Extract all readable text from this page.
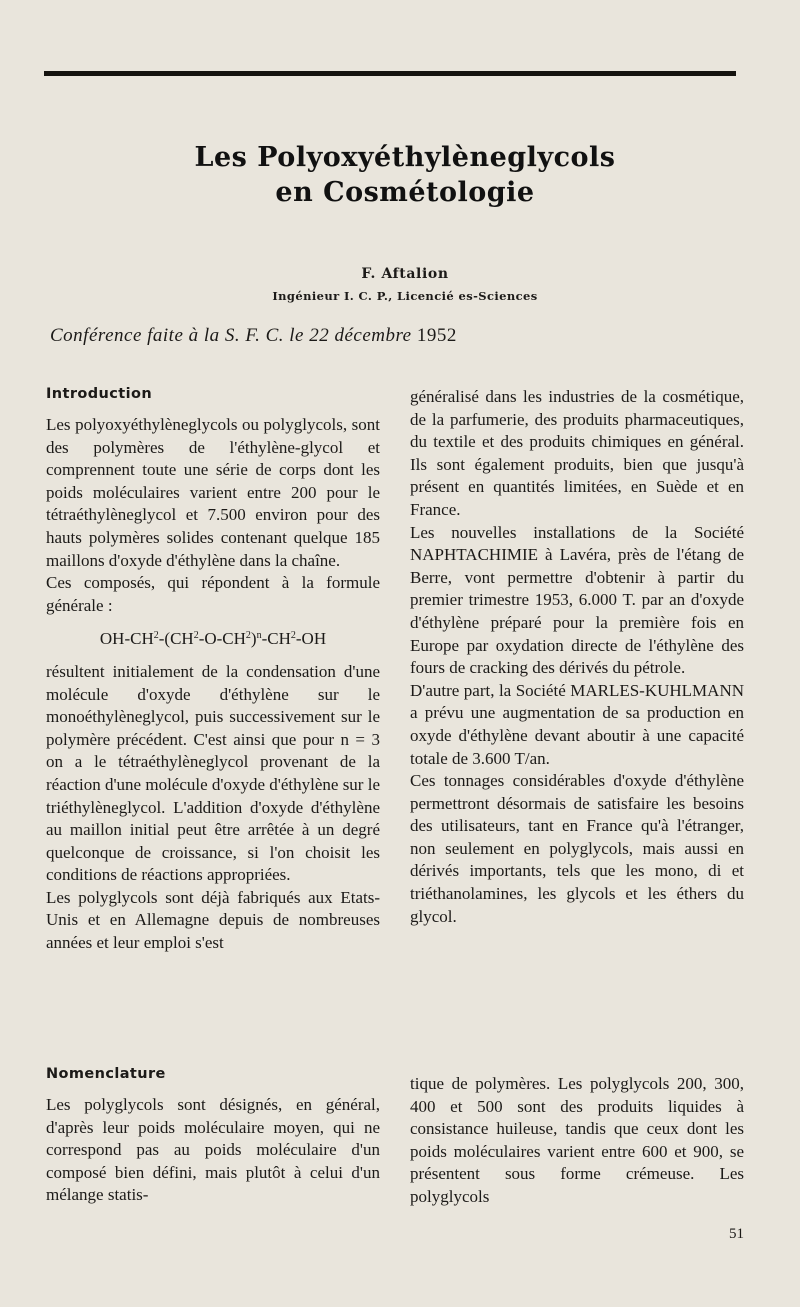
Les Polyoxyéthylèneglycols
en Cosmétologie
F. Aftalion
Ingénieur I. C. P., Licencié es-Sciences
Conférence faite à la S. F. C. le 22 décembre 1952
Introduction

Les polyoxyéthylèneglycols ou polyglycols, sont des polymères de l'éthylène-glycol et comprennent toute une série de corps dont les poids moléculaires varient entre 200 pour le tétraéthylèneglycol et 7.500 environ pour des hauts polymères solides contenant quelque 185 maillons d'oxyde d'éthylène dans la chaîne.

Ces composés, qui répondent à la formule générale :

$OH-CH^2-(CH^2-O-CH^2)^n-CH^2-OH$

résultent initialement de la condensation d'une molécule d'oxyde d'éthylène sur le monoéthylèneglycol, puis successivement sur le polymère précédent. C'est ainsi que pour n = 3 on a le tétraéthylèneglycol provenant de la réaction d'une molécule d'oxyde d'éthylène sur le triéthylèneglycol. L'addition d'oxyde d'éthylène au maillon initial peut être arrêtée à un degré quelconque de croissance, si l'on choisit les conditions de réactions appropriées.

Les polyglycols sont déjà fabriqués aux Etats-Unis et en Allemagne depuis de nombreuses années et leur emploi s'est

généralisé dans les industries de la cosmétique, de la parfumerie, des produits pharmaceutiques, du textile et des produits chimiques en général. Ils sont également produits, bien que jusqu'à présent en quantités limitées, en Suède et en France.

Les nouvelles installations de la Société NAPHTACHIMIE à Lavéra, près de l'étang de Berre, vont permettre d'obtenir à partir du premier trimestre 1953, 6.000 T. par an d'oxyde d'éthylène préparé pour la première fois en Europe par oxydation directe de l'éthylène des fours de cracking des dérivés du pétrole.

D'autre part, la Société MARLES-KUHLMANN a prévu une augmentation de sa production en oxyde d'éthylène devant aboutir à une capacité totale de 3.600 T/an.

Ces tonnages considérables d'oxyde d'éthylène permettront désormais de satisfaire les besoins des utilisateurs, tant en France qu'à l'étranger, non seulement en polyglycols, mais aussi en dérivés importants, tels que les mono, di et triéthanolamines, les glycols et les éthers du glycol.

Nomenclature

Les polyglycols sont désignés, en général, d'après leur poids moléculaire moyen, qui ne correspond pas au poids moléculaire d'un composé bien défini, mais plutôt à celui d'un mélange statis-

tique de polymères. Les polyglycols 200, 300, 400 et 500 sont des produits liquides à consistance huileuse, tandis que ceux dont les poids moléculaires varient entre 600 et 900, se présentent sous forme crémeuse. Les polyglycols

51
